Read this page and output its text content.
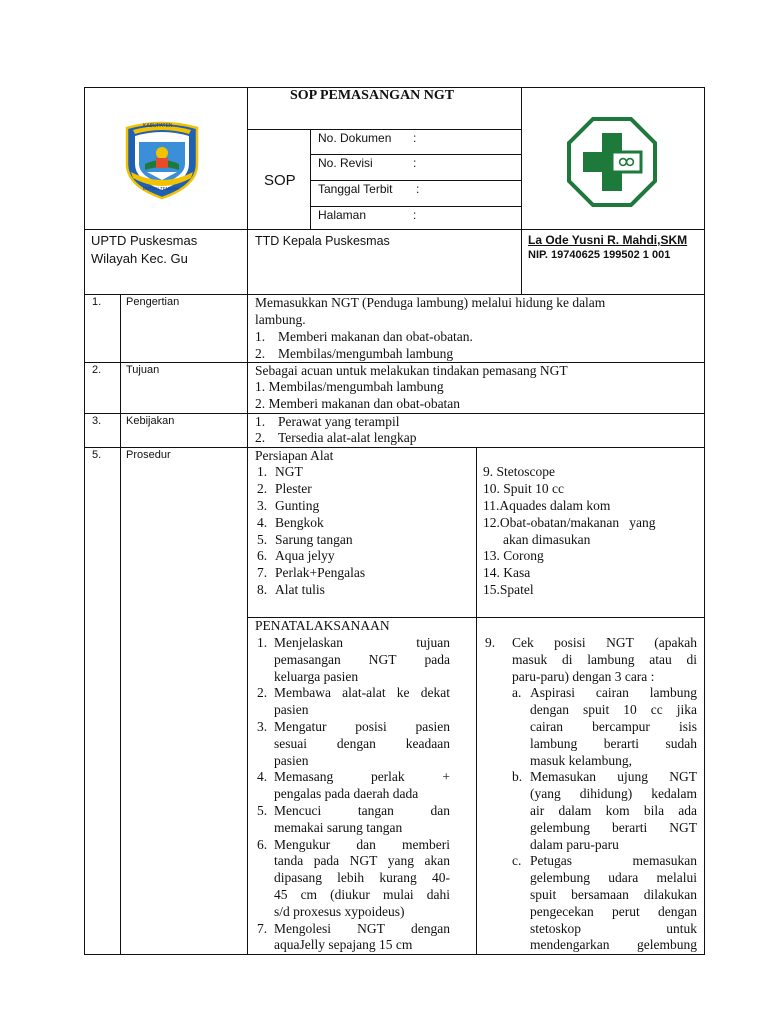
KABUPATEN
BUTON TENGAH
SOP PEMASANGAN NGT
SOP
No. Dokumen :
No. Revisi	:
Tanggal Terbit :
Halaman	:
UPTD Puskesmas
Wilayah Kec. Gu
TTD Kepala Puskesmas	La Ode Yusni R. Mahdi,SKM
NIP. 19740625 199502 1 001
1. Pengertian	Memasukkan NGT (Penduga lambung) melalui hidung ke dalam
lambung.
1. Memberi makanan dan obat-obatan.
2. Membilas/mengumbah lambung
2. Tujuan	Sebagai acuan untuk melakukan tindakan pemasang NGT
1. Membilas/mengumbah lambung
2. Memberi makanan dan obat-obatan
3. Kebijakan	1. Perawat yang terampil
2. Tersedia alat-alat lengkap
5. Prosedur	Persiapan Alat
1. NGT
2. Plester
3. Gunting
4. Bengkok
5. Sarung tangan
6. Aqua jelyy
7. Perlak+Pengalas
8. Alat tulis
9. Stetoscope
10. Spuit 10 cc
11.Aquades dalam kom
12.Obat-obatan/makanan   yang
akan dimasukan
13. Corong
14. Kasa
15.Spatel
PENATALAKSANAAN
1. Menjelaskan	tujuan
pemasangan NGT pada
keluarga pasien
2. Membawa alat-alat ke dekat
pasien
3. Mengatur posisi pasien
sesuai dengan keadaan
pasien
4. Memasang	perlak	+
pengalas pada daerah dada
5. Mencuci	tangan	dan
memakai sarung tangan
6. Mengukur dan memberi
tanda pada NGT yang akan
dipasang lebih kurang 40-
45 cm (diukur mulai dahi
s/d proxesus xypoideus)
7. Mengolesi NGT dengan
aquaJelly sepajang 15 cm
9. Cek posisi NGT (apakah
masuk di lambung atau di
paru-paru) dengan 3 cara :
a. Aspirasi cairan lambung
dengan spuit 10 cc jika
cairan bercampur isis
lambung berarti sudah
masuk kelambung,
b. Memasukan ujung NGT
(yang dihidung) kedalam
air dalam kom bila ada
gelembung berarti NGT
dalam paru-paru
c. Petugas	memasukan
gelembung udara melalui
spuit bersamaan dilakukan
pengecekan perut dengan
stetoskop	untuk
mendengarkan gelembung
